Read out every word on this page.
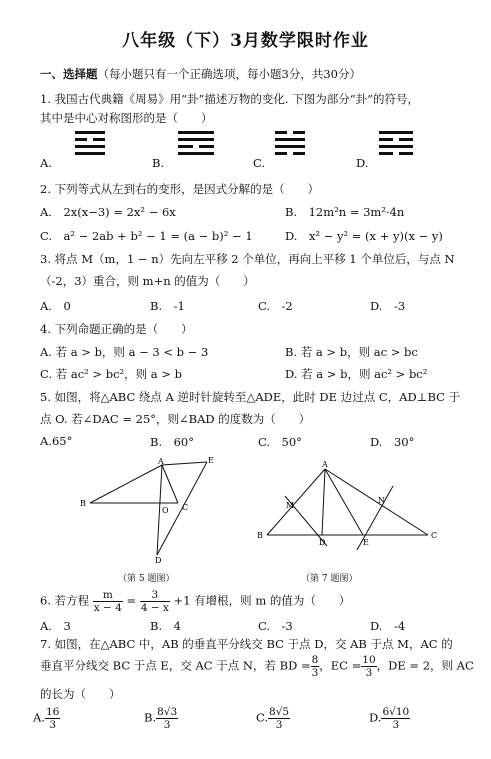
八年级（下）3月数学限时作业
一、选择题（每小题只有一个正确选项，每小题3分，共30分）
1. 我国古代典籍《周易》用“卦”描述万物的变化. 下图为部分“卦”的符号，
其中是中心对称图形的是（　　）
A.	B.	C.	D.
2. 下列等式从左到右的变形，是因式分解的是（　　）
A.　2x(x−3) = 2x² − 6x	B.　12m²n = 3m²·4n
C.　a² − 2ab + b² − 1 = (a − b)² − 1	D.　x² − y² = (x + y)(x − y)
3. 将点 M（m，1 − n）先向左平移 2 个单位，再向上平移 1 个单位后，与点 N
（-2，3）重合，则 m+n 的值为（　　）
A.　0	B.　-1	C.　-2	D.　-3
4. 下列命题正确的是（　　）
A. 若 a > b，则 a − 3 < b − 3	B. 若 a > b，则 ac > bc
C. 若 ac² > bc²，则 a > b	D. 若 a > b，则 ac² > bc²
5. 如图，将△ABC 绕点 A 逆时针旋转至△ADE，此时 DE 边过点 C，AD⊥BC 于
点 O. 若∠DAC = 25°，则∠BAD 的度数为（　　）
A.65°	B.　60°	C.　50°	D.　30°
A	E
B
O C
D
（第 5 题图）
A
M
N
B
D	E
C
（第 7 题图）
6. 若方程 $\frac{m}{x - 4} = \frac{3}{4 - x} +1$ 有增根，则 m 的值为（　　）
A.　3	B.　4	C.　-3	D.　-4
7. 如图，在△ABC 中，AB 的垂直平分线交 BC 于点 D，交 AB 于点 M，AC 的
垂直平分线交 BC 于点 E，交 AC 于点 N，若 BD = $\frac{8}{3}$ ，EC = $\frac{10}{3}$ ，DE = 2，则 AC
的长为（　　）
A. $\frac{16}{3}$	B. $\frac{8√3}{3}$	C. $\frac{8√5}{3}$	D. $\frac{6√10}{3}$
